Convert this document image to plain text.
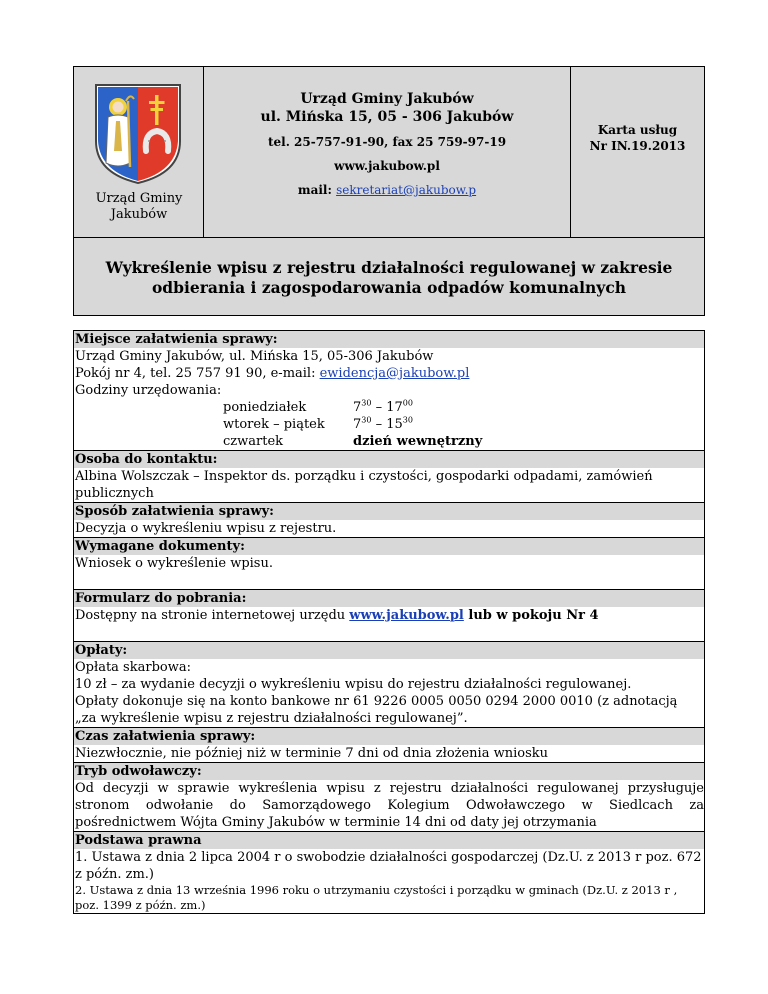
Urząd Gminy Jakubów
Urząd Gminy Jakubów
ul. Mińska 15, 05 - 306 Jakubów
tel. 25-757-91-90, fax 25 759-97-19
www.jakubow.pl
mail: sekretariat@jakubow.p
Karta usług
Nr IN.19.2013
Wykreślenie wpisu z rejestru działalności regulowanej w zakresie
odbierania i zagospodarowania odpadów komunalnych
Miejsce załatwienia sprawy:
Urząd Gminy Jakubów, ul. Mińska 15, 05-306 Jakubów
Pokój nr 4, tel. 25 757 91 90, e-mail: ewidencja@jakubow.pl
Godziny urzędowania:
poniedziałek	$7^{30} - 17^{00}$
wtorek – piątek	$7^{30} - 15^{30}$
czwartek	dzień wewnętrzny
Osoba do kontaktu:
Albina Wolszczak – Inspektor ds. porządku i czystości, gospodarki odpadami, zamówień publicznych
Sposób załatwienia sprawy:
Decyzja o wykreśleniu wpisu z rejestru.
Wymagane dokumenty:
Wniosek o wykreślenie wpisu.
Formularz do pobrania:
Dostępny na stronie internetowej urzędu www.jakubow.pl lub w pokoju Nr 4
Opłaty:
Opłata skarbowa:
10 zł – za wydanie decyzji o wykreśleniu wpisu do rejestru działalności regulowanej.
Opłaty dokonuje się na konto bankowe nr 61 9226 0005 0050 0294 2000 0010 (z adnotacją
„za wykreślenie wpisu z rejestru działalności regulowanej”.
Czas załatwienia sprawy:
Niezwłocznie, nie później niż w terminie 7 dni od dnia złożenia wniosku
Tryb odwoławczy:
Od decyzji w sprawie wykreślenia wpisu z rejestru działalności regulowanej przysługuje stronom odwołanie do Samorządowego Kolegium Odwoławczego w Siedlcach za pośrednictwem Wójta Gminy Jakubów w terminie 14 dni od daty jej otrzymania
Podstawa prawna
1. Ustawa z dnia 2 lipca 2004 r o swobodzie działalności gospodarczej (Dz.U. z 2013 r poz. 672 z późn. zm.)
2. Ustawa z dnia 13 września 1996 roku o utrzymaniu czystości i porządku w gminach (Dz.U. z 2013 r , poz. 1399 z późn. zm.)
